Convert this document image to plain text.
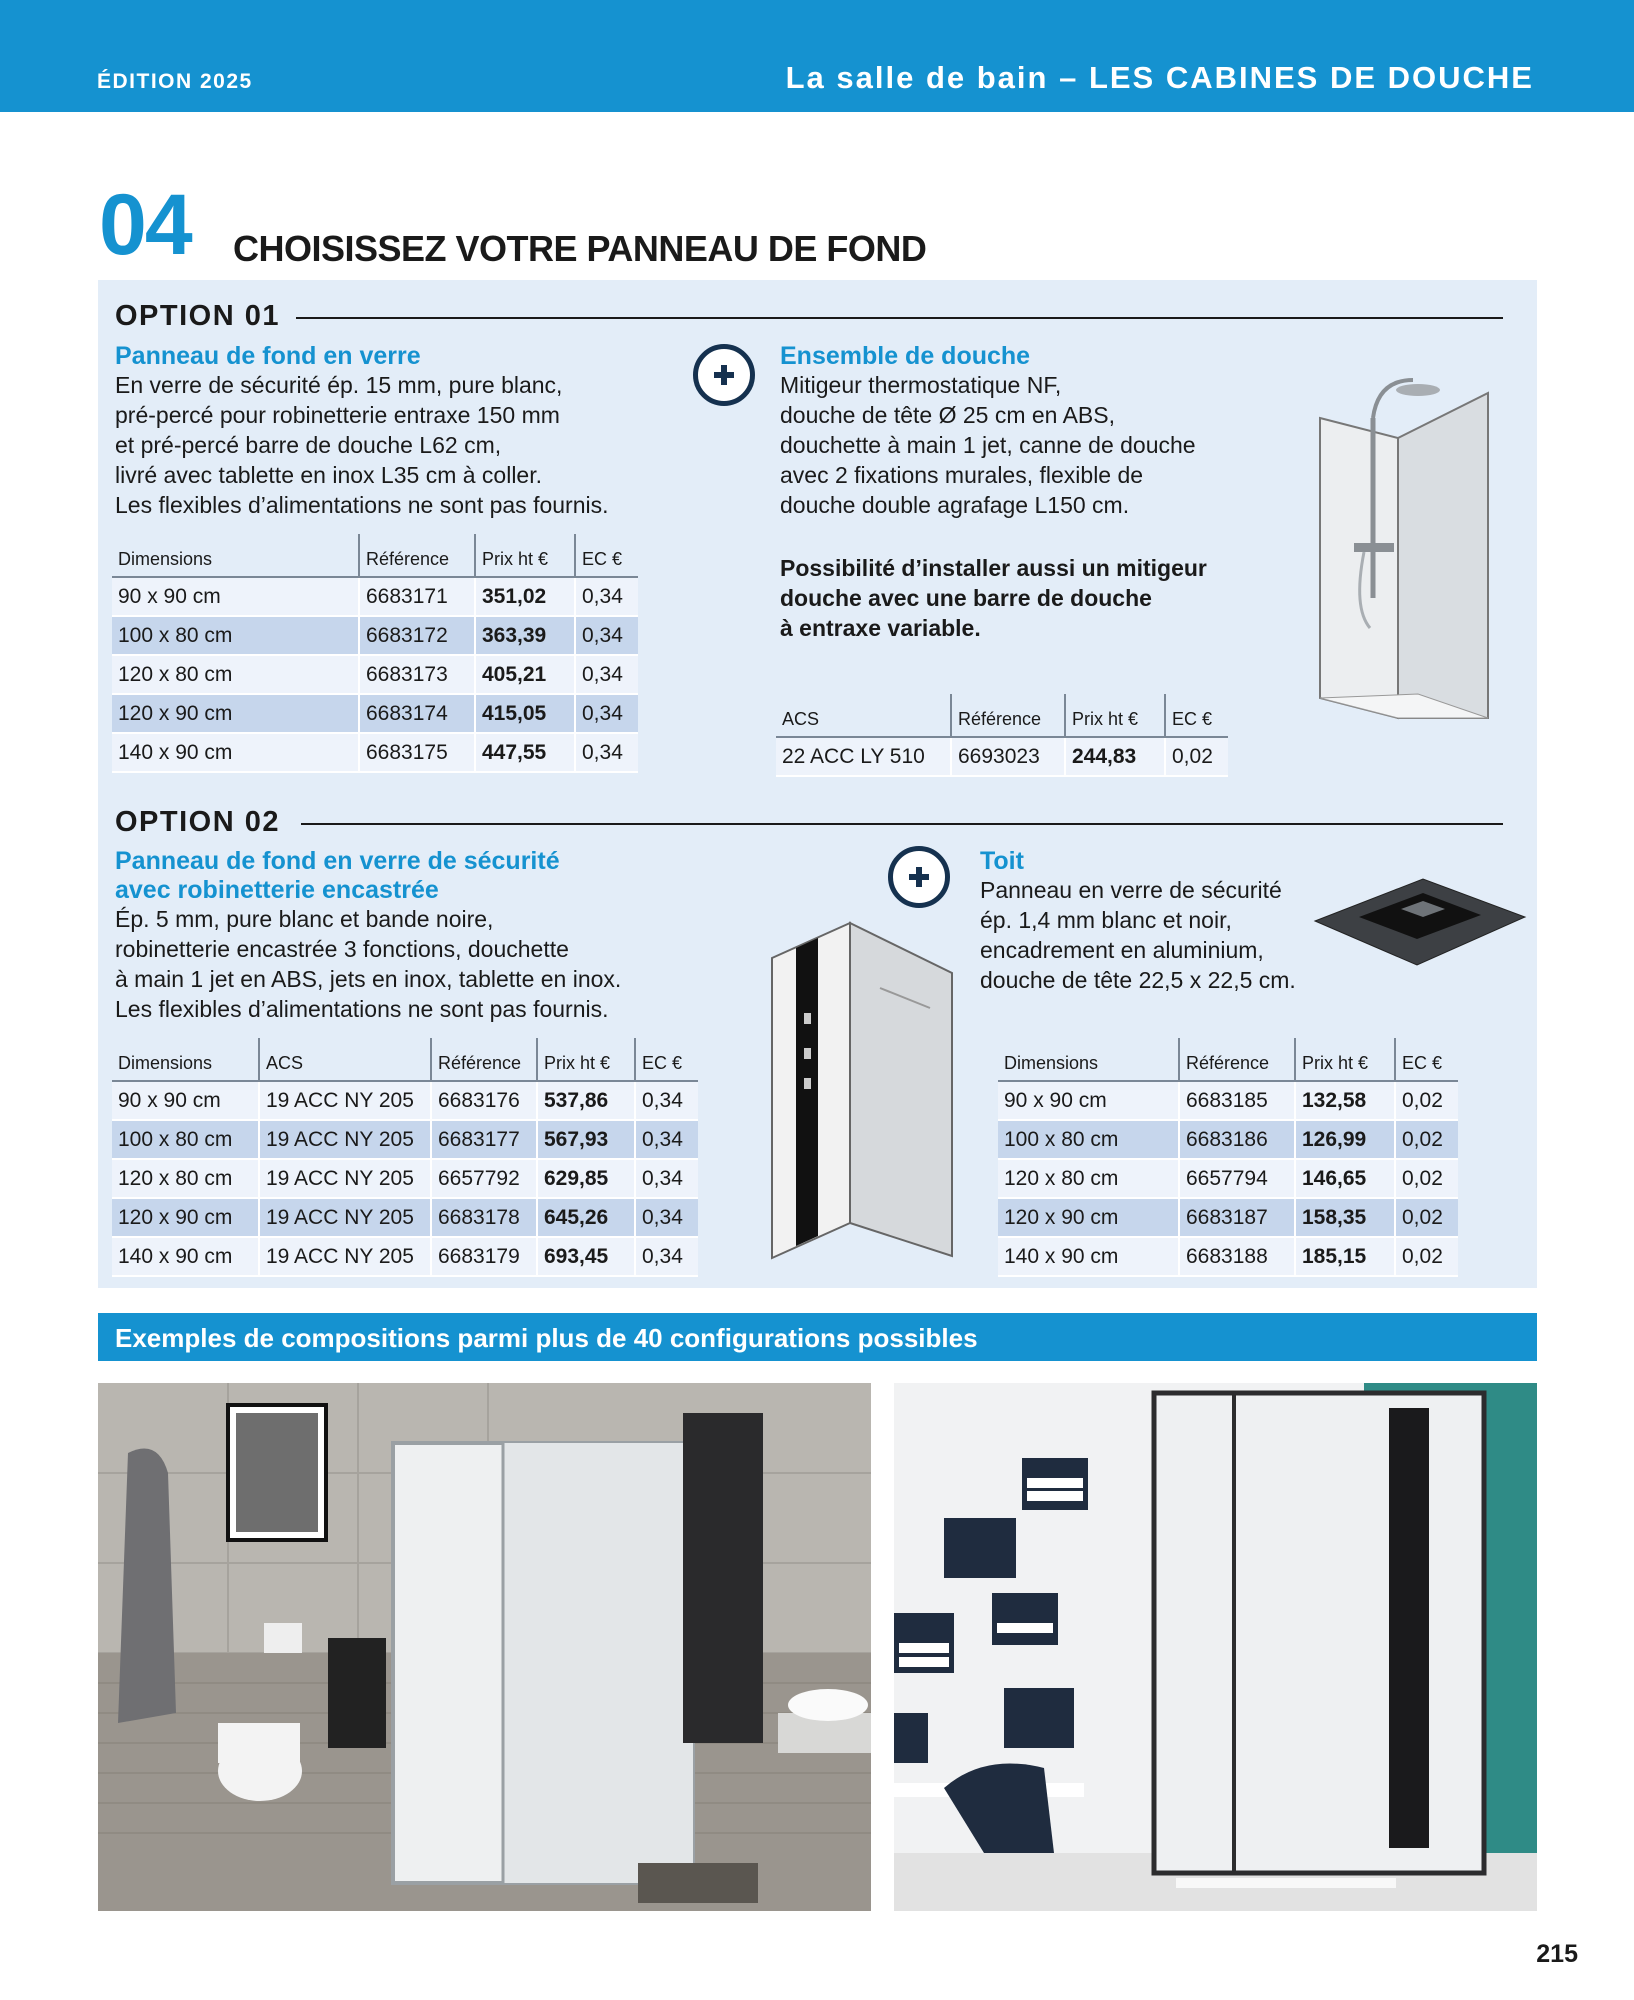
ÉDITION 2025	La salle de bain – LES CABINES DE DOUCHE
04 CHOISISSEZ VOTRE PANNEAU DE FOND
OPTION 01
Panneau de fond en verre
En verre de sécurité ép. 15 mm, pure blanc,
pré-percé pour robinetterie entraxe 150 mm
et pré-percé barre de douche L62 cm,
livré avec tablette en inox L35 cm à coller.
Les flexibles d’alimentations ne sont pas fournis.
Dimensions	Référence	Prix ht €	EC €
90 x 90 cm	6683171	351,02	0,34
100 x 80 cm	6683172	363,39	0,34
120 x 80 cm	6683173	405,21	0,34
120 x 90 cm	6683174	415,05	0,34
140 x 90 cm	6683175	447,55	0,34
Ensemble de douche
Mitigeur thermostatique NF,
douche de tête Ø 25 cm en ABS,
douchette à main 1 jet, canne de douche
avec 2 fixations murales, flexible de
douche double agrafage L150 cm.
Possibilité d’installer aussi un mitigeur
douche avec une barre de douche
à entraxe variable.
ACS	Référence	Prix ht €	EC €
22 ACC LY 510	6693023	244,83	0,02
OPTION 02
Panneau de fond en verre de sécurité
avec robinetterie encastrée
Ép. 5 mm, pure blanc et bande noire,
robinetterie encastrée 3 fonctions, douchette
à main 1 jet en ABS, jets en inox, tablette en inox.
Les flexibles d’alimentations ne sont pas fournis.
Dimensions	ACS	Référence	Prix ht €	EC €
90 x 90 cm	19 ACC NY 205	6683176	537,86	0,34
100 x 80 cm	19 ACC NY 205	6683177	567,93	0,34
120 x 80 cm	19 ACC NY 205	6657792	629,85	0,34
120 x 90 cm	19 ACC NY 205	6683178	645,26	0,34
140 x 90 cm	19 ACC NY 205	6683179	693,45	0,34
Toit
Panneau en verre de sécurité
ép. 1,4 mm blanc et noir,
encadrement en aluminium,
douche de tête 22,5 x 22,5 cm.
Dimensions	Référence	Prix ht €	EC €
90 x 90 cm	6683185	132,58	0,02
100 x 80 cm	6683186	126,99	0,02
120 x 80 cm	6657794	146,65	0,02
120 x 90 cm	6683187	158,35	0,02
140 x 90 cm	6683188	185,15	0,02
Exemples de compositions parmi plus de 40 configurations possibles
215
